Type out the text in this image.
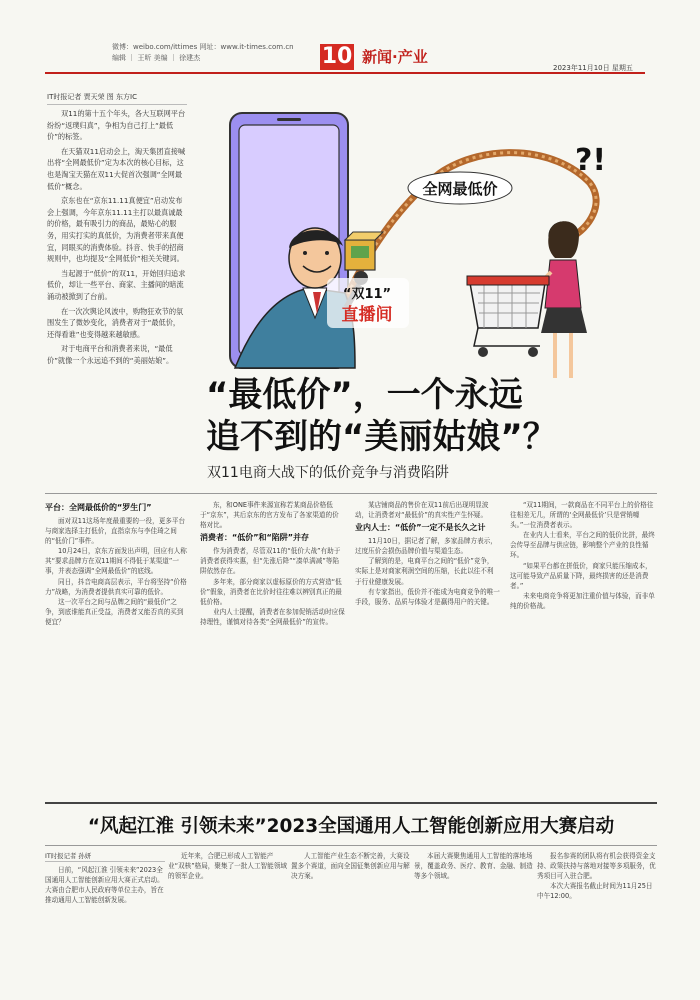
微博：weibo.com/ittimes 网址：www.it-times.com.cn
编辑 ｜ 王昕 美编 ｜ 徐建杰	10 新闻·产业
2023年11月10日 星期五
IT时报记者 贾天荣 图 东方IC

双11的第十五个年头，各大互联网平台纷纷“返璞归真”，争相为自己打上“最低价”的标签。

在天猫双11启动会上，淘天集团直接喊出将“全网最低价”定为本次的核心目标，这也是淘宝天猫在双11大促首次强调“全网最低价”概念。

京东也在“京东11.11真便宜”启动发布会上强调，今年京东11.11主打以最真诚最的价格，最有吸引力的商品，最贴心的服务，用实打实的真低价，为消费者带来真便宜，同眼买的消费体验。抖音、快手的招商规则中，也均提及“全网低价”相关关键词。

当起源于“低价”的双11，开始回归追求低价，却让一些平台、商家、主播间的暗流涌动被掀到了台前。

在一次次舆论风波中，购物狂欢节的氛围发生了微妙变化，消费者对于“最低价，还得看谁”也变得越来越敏感。

对于电商平台和消费者来说，“最低价”就像一个永远追不到的“美丽姑娘”。

全网最低价
“双11”
直播间
?!
“最低价”，一个永远
追不到的“美丽姑娘”？
双11电商大战下的低价竞争与消费陷阱
平台：全网最低价的“罗生门”

面对双11这场年度最重要的一役，更多平台与商家选择主打低价，直指京东与李佳琦之间的“低价门”事件。

10月24日，京东方面发出声明，回应有人称其“要求品牌方在双11期间不得低于某渠道”一事，并表态强调“全网最低价”的底线。

同日，抖音电商高层表示，平台将坚持“价格力”战略，为消费者提供真实可靠的低价。

这一次平台之间与品牌之间的“最低价”之争，到底谁能真正受益，消费者又能否真的买到便宜？

东，和ONE事件来源宣称若某商品价格低于“京东”，其后京东的官方发布了各家渠道的价格对比。

消费者：“低价”和“陷阱”并存

作为消费者，尽管双11的“低价大战”有助于消费者获得实惠，但“先涨后降”“凑单满减”等陷阱依然存在。

多年来，部分商家以虚标原价的方式营造“低价”假象，消费者在比价时往往难以辨别真正的最低价格。

业内人士提醒，消费者在参加促销活动时应保持理性，谨慎对待各类“全网最低价”的宣传。

某店铺商品的售价在双11前后出现明显波动，让消费者对“最低价”的真实性产生怀疑。

业内人士：“低价”一定不是长久之计

11月10日，据记者了解，多家品牌方表示，过度压价会损伤品牌价值与渠道生态。

了解到的是，电商平台之间的“低价”竞争，实际上是对商家利润空间的压缩，长此以往不利于行业健康发展。

有专家指出，低价并不能成为电商竞争的唯一手段，服务、品质与体验才是赢得用户的关键。

“双11期间，一款商品在不同平台上的价格往往相差无几，所谓的‘全网最低价’只是营销噱头。”一位消费者表示。

在业内人士看来，平台之间的低价比拼，最终会传导至品牌与供应链，影响整个产业的良性循环。

“如果平台都在拼低价，商家只能压缩成本，这可能导致产品质量下降，最终损害的还是消费者。”

未来电商竞争将更加注重价值与体验，而非单纯的价格战。

“风起江淮 引领未来”2023全国通用人工智能创新应用大赛启动
IT时报记者 孙妍

日前，“风起江淮 引领未来”2023全国通用人工智能创新应用大赛正式启动。大赛由合肥市人民政府等单位主办，旨在推动通用人工智能创新发展。

近年来，合肥已形成人工智能产业“双核”格局，聚集了一批人工智能领域的领军企业。

人工智能产业生态不断完善，大赛设置多个赛道，面向全国征集创新应用与解决方案。

本届大赛聚焦通用人工智能的落地场景，覆盖政务、医疗、教育、金融、制造等多个领域。

报名参赛的团队将有机会获得资金支持、政策扶持与落地对接等多项服务，优秀项目可入驻合肥。

本次大赛报名截止时间为11月25日中午12:00。
